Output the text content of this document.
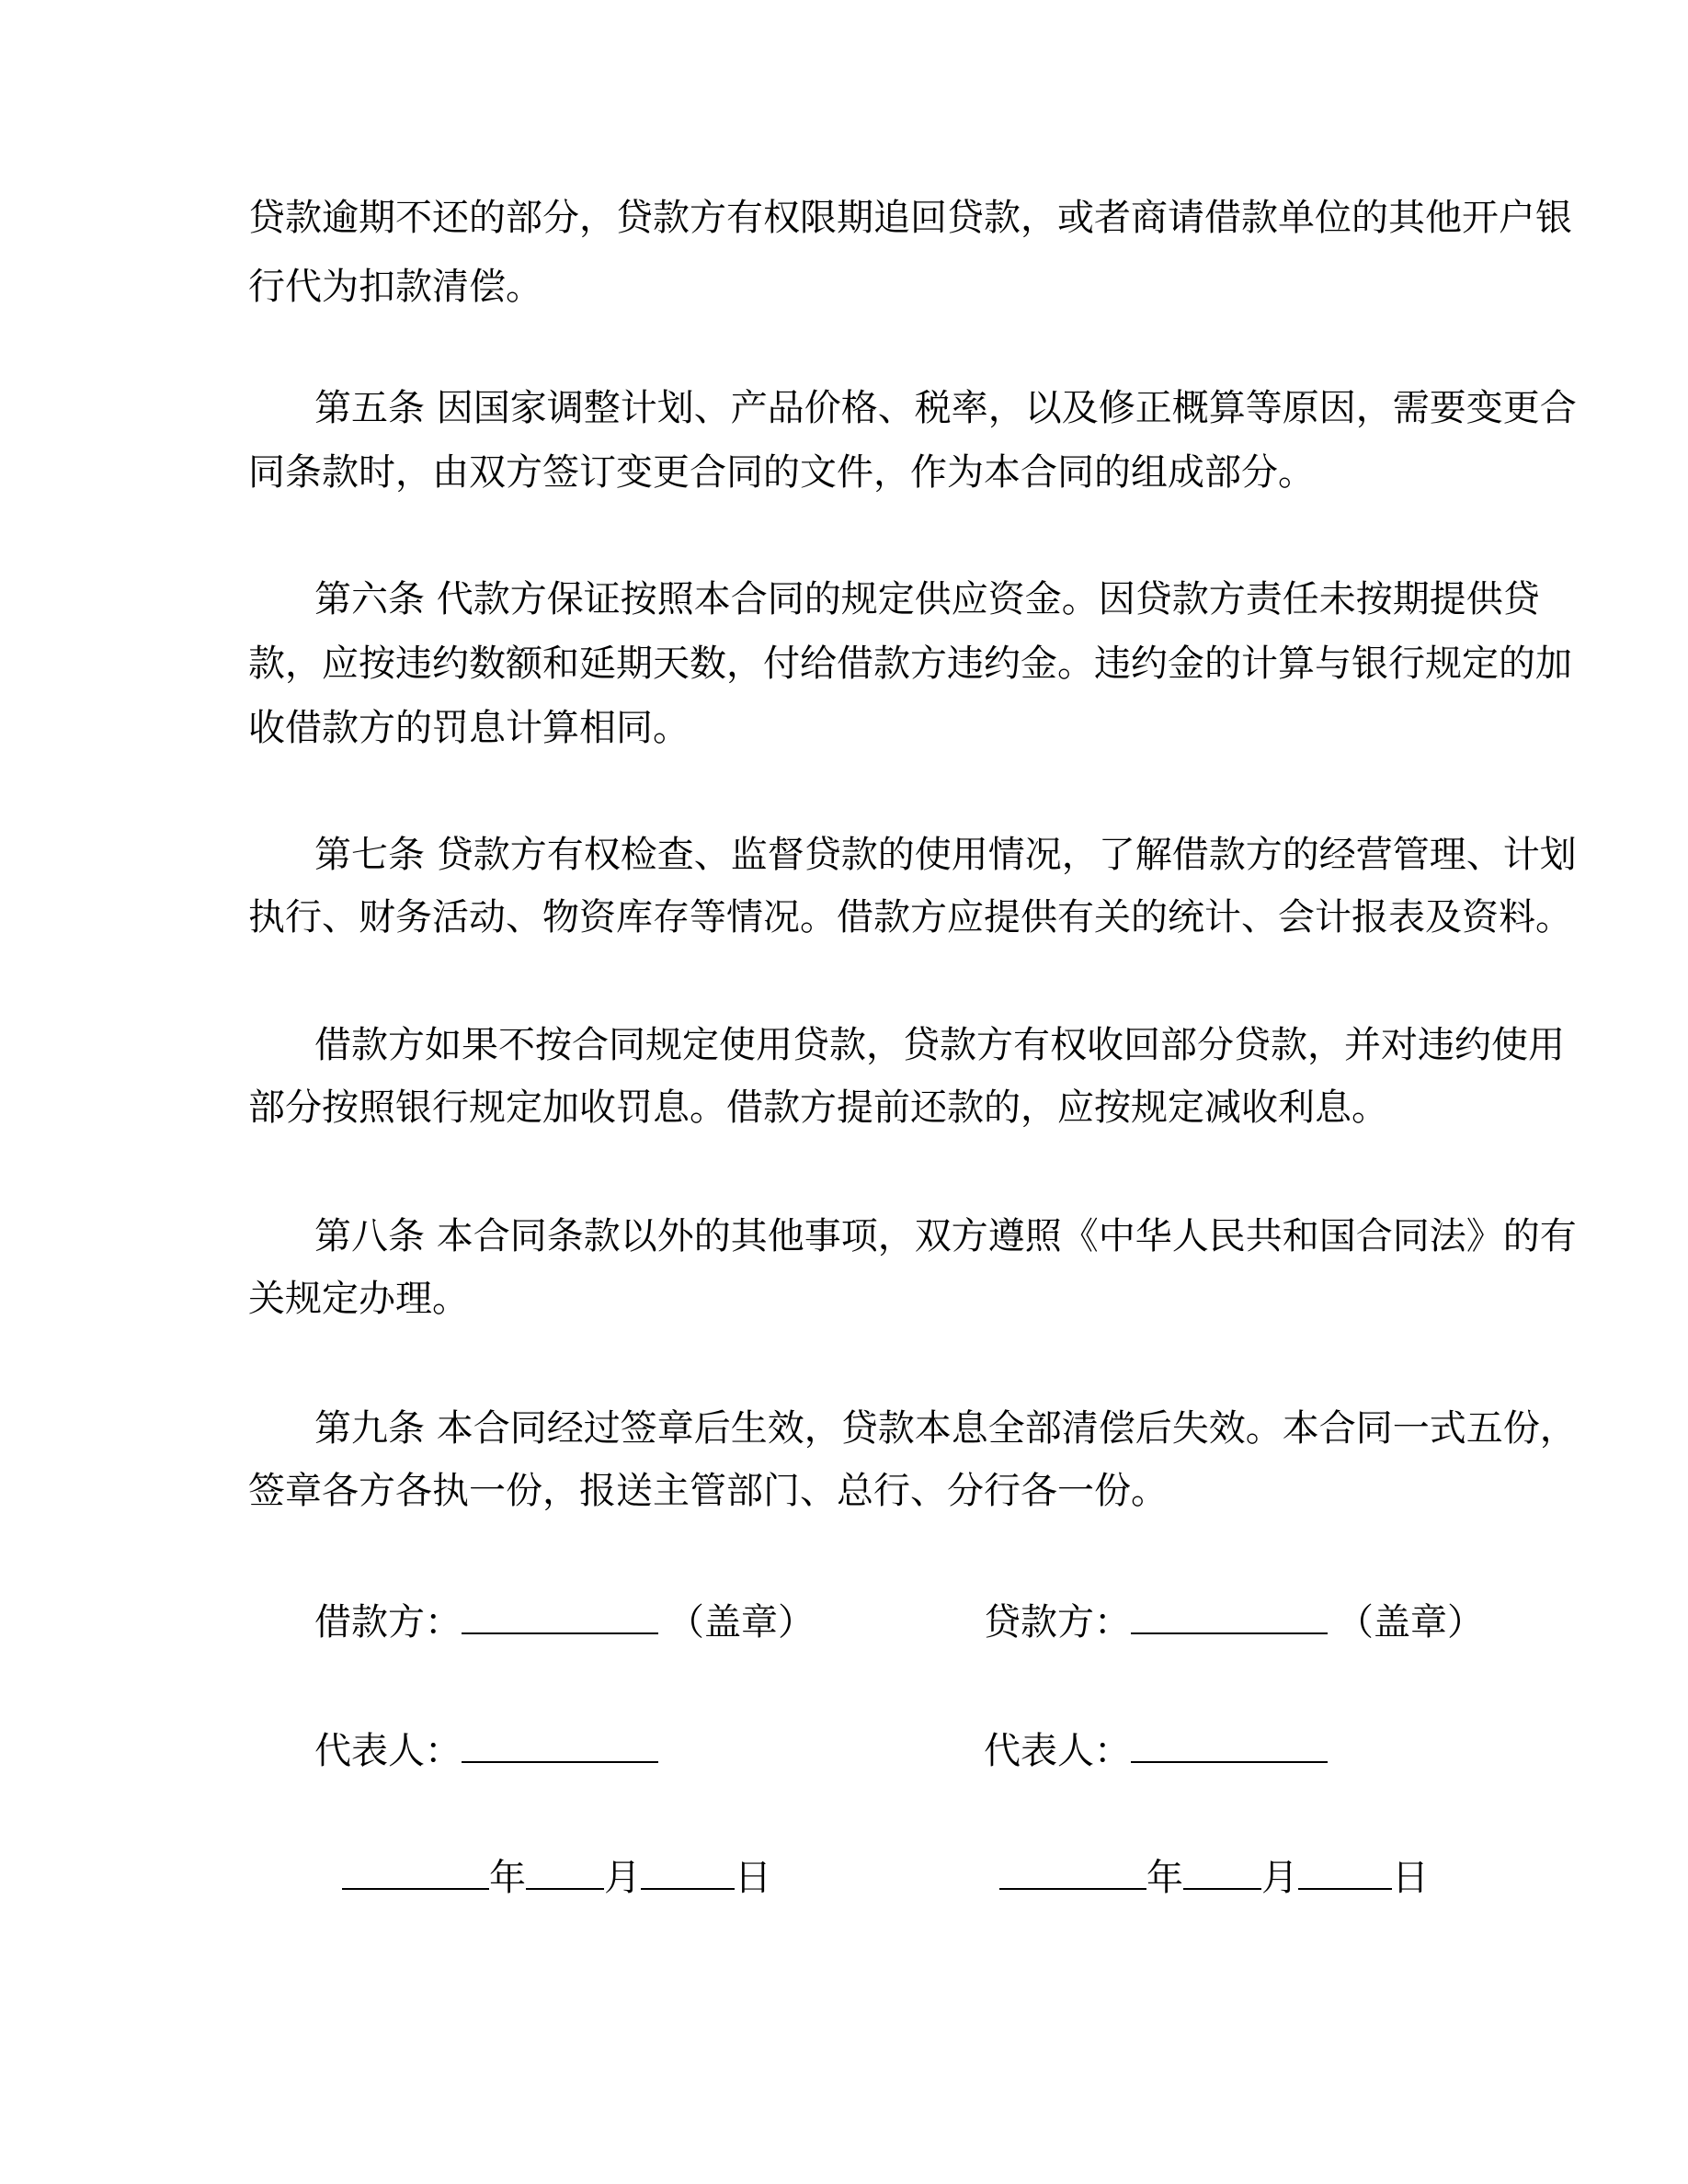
贷款逾期不还的部分，贷款方有权限期追回贷款，或者商请借款单位的其他开户银
行代为扣款清偿。
第五条 因国家调整计划、产品价格、税率，以及修正概算等原因，需要变更合
同条款时，由双方签订变更合同的文件，作为本合同的组成部分。
第六条 代款方保证按照本合同的规定供应资金。因贷款方责任未按期提供贷
款，应按违约数额和延期天数，付给借款方违约金。违约金的计算与银行规定的加
收借款方的罚息计算相同。
第七条 贷款方有权检查、监督贷款的使用情况，了解借款方的经营管理、计划
执行、财务活动、物资库存等情况。借款方应提供有关的统计、会计报表及资料。
借款方如果不按合同规定使用贷款，贷款方有权收回部分贷款，并对违约使用
部分按照银行规定加收罚息。借款方提前还款的，应按规定减收利息。
第八条 本合同条款以外的其他事项，双方遵照《中华人民共和国合同法》的有
关规定办理。
第九条 本合同经过签章后生效，贷款本息全部清偿后失效。本合同一式五份，
签章各方各执一份，报送主管部门、总行、分行各一份。
借款方：	（盖章）	贷款方：	（盖章）
代表人：	代表人：
年 月	日	年 月	日
